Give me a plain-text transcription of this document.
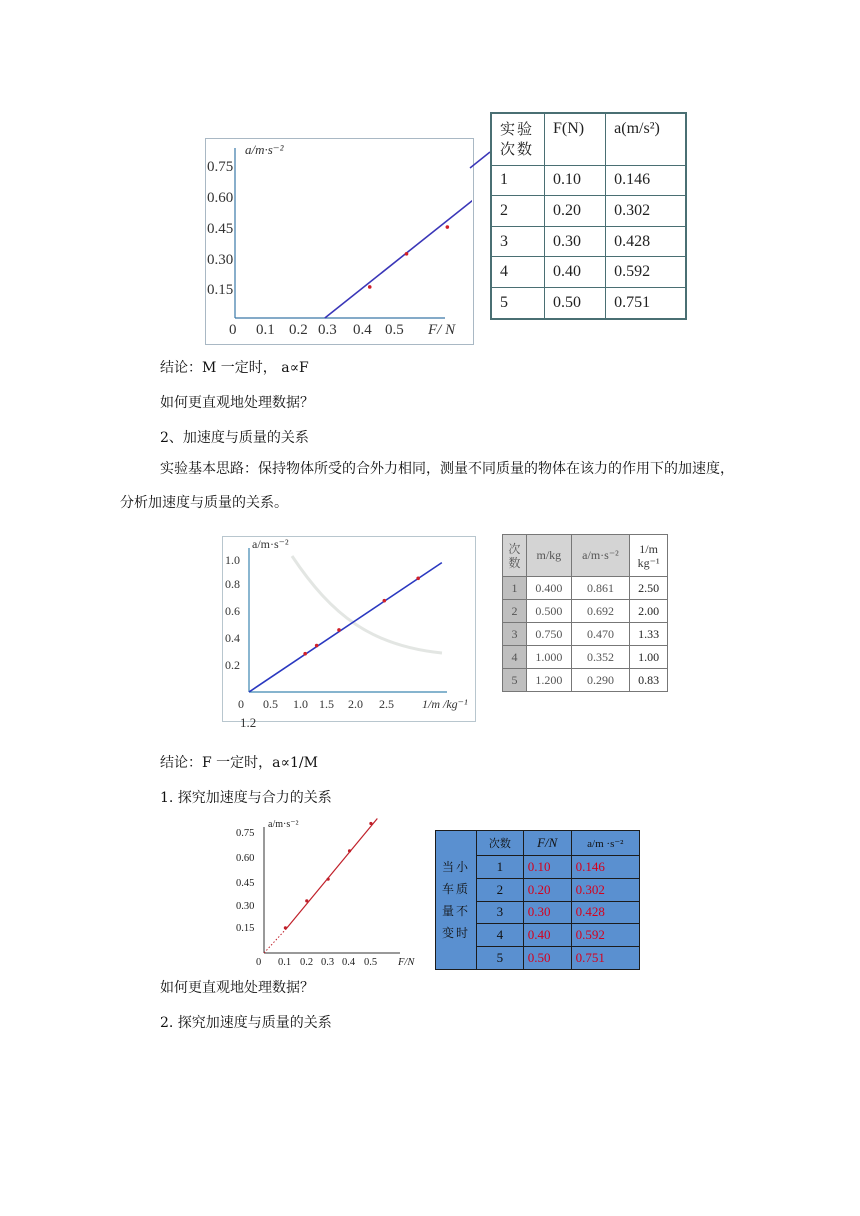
a/m·s⁻²
F/ N
0.75
0.60
0.45
0.30
0.15
0 0.1 0.2 0.3 0.4 0.5
实验
次数	F(N)	a(m/s²)
1	0.10	0.146
2	0.20	0.302
3	0.30	0.428
4	0.40	0.592
5	0.50	0.751
结论：M 一定时， a∝F
如何更直观地处理数据？
2、加速度与质量的关系
实验基本思路：保持物体所受的合外力相同，测量不同质量的物体在该力的作用下的加速度，分析加速度与质量的关系。
a/m·s⁻²
1.0
0.8
0.6
0.4
0.2
0 0.5 1.0 1.5 2.0 2.5 1/m /kg⁻¹
1.2
次
数	m/kg	a/m·s⁻²	1/m
kg⁻¹
1	0.400	0.861	2.50
2	0.500	0.692	2.00
3	0.750	0.470	1.33
4	1.000	0.352	1.00
5	1.200	0.290	0.83
结论：F 一定时，a∝1/M
1. 探究加速度与合力的关系
a/m·s⁻²
0.75
0.60
0.45
0.30
0.15
0 0.1 0.2 0.3 0.4 0.5 F/N
当小车质量不变时	次数	F/N	a/m ·s⁻²
	1	0.10	0.146
	2	0.20	0.302
	3	0.30	0.428
	4	0.40	0.592
	5	0.50	0.751
如何更直观地处理数据？
2. 探究加速度与质量的关系
